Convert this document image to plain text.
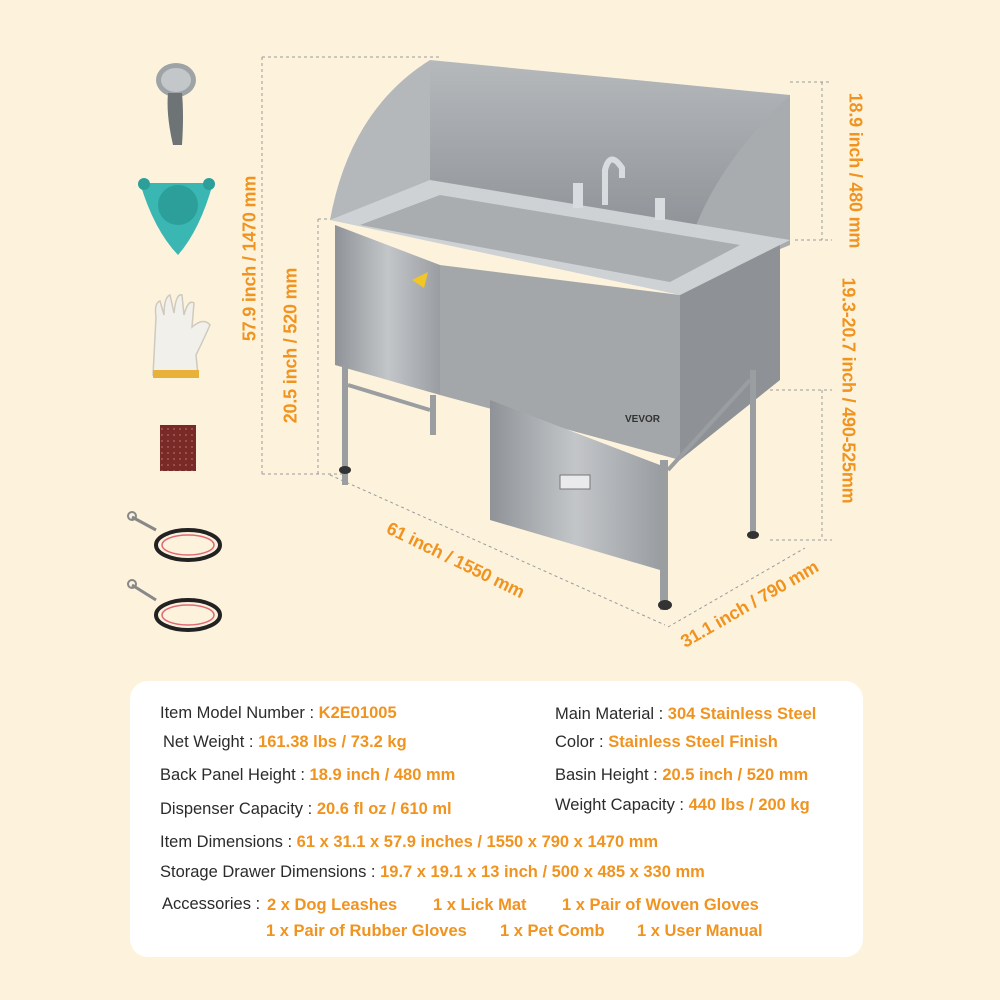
VEVOR
57.9 inch / 1470 mm
20.5 inch / 520 mm
18.9 inch / 480 mm
19.3-20.7 inch / 490-525mm
61 inch / 1550 mm	31.1 inch / 790 mm
Item Model Number : K2E01005
Net Weight : 161.38 lbs / 73.2 kg
Back Panel Height : 18.9 inch / 480 mm
Dispenser Capacity : 20.6 fl oz / 610 ml
Main Material : 304 Stainless Steel
Color : Stainless Steel Finish
Basin Height : 20.5 inch / 520 mm
Weight Capacity : 440 lbs / 200 kg
Item Dimensions : 61 x 31.1 x 57.9 inches / 1550 x 790 x 1470 mm
Storage Drawer Dimensions : 19.7 x 19.1 x 13 inch / 500 x 485 x 330 mm
Accessories : 2 x Dog Leashes 1 x Lick Mat 1 x Pair of Woven Gloves
1 x Pair of Rubber Gloves 1 x Pet Comb 1 x User Manual
